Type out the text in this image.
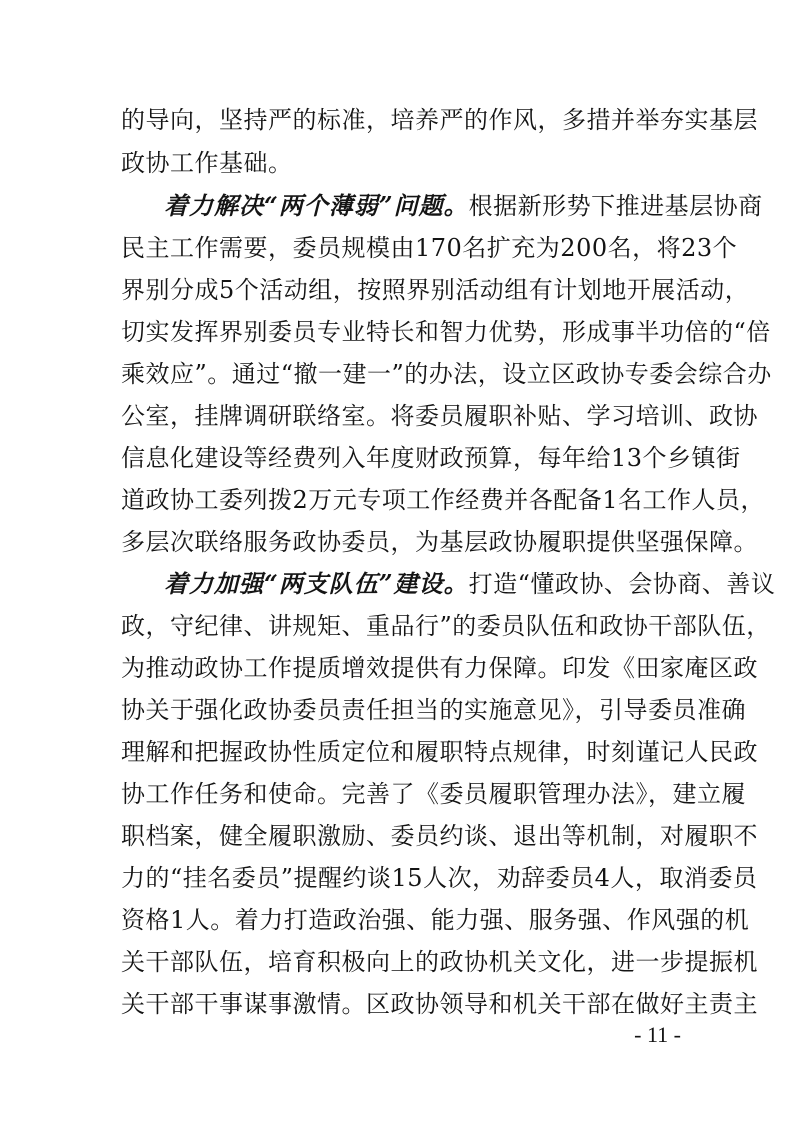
的导向，坚持严的标准，培养严的作风，多措并举夯实基层
政协工作基础。
着力解决“两个薄弱”问题。根据新形势下推进基层协商
民主工作需要，委员规模由170名扩充为200名，将23个
界别分成5个活动组，按照界别活动组有计划地开展活动，
切实发挥界别委员专业特长和智力优势，形成事半功倍的“倍
乘效应”。通过“撤一建一”的办法，设立区政协专委会综合办
公室，挂牌调研联络室。将委员履职补贴、学习培训、政协
信息化建设等经费列入年度财政预算，每年给13个乡镇街
道政协工委列拨2万元专项工作经费并各配备1名工作人员，
多层次联络服务政协委员，为基层政协履职提供坚强保障。
着力加强“两支队伍”建设。打造“懂政协、会协商、善议
政，守纪律、讲规矩、重品行”的委员队伍和政协干部队伍，
为推动政协工作提质增效提供有力保障。印发《田家庵区政
协关于强化政协委员责任担当的实施意见》，引导委员准确
理解和把握政协性质定位和履职特点规律，时刻谨记人民政
协工作任务和使命。完善了《委员履职管理办法》，建立履
职档案，健全履职激励、委员约谈、退出等机制，对履职不
力的“挂名委员”提醒约谈15人次，劝辞委员4人，取消委员
资格1人。着力打造政治强、能力强、服务强、作风强的机
关干部队伍，培育积极向上的政协机关文化，进一步提振机
关干部干事谋事激情。区政协领导和机关干部在做好主责主
- 11 -
